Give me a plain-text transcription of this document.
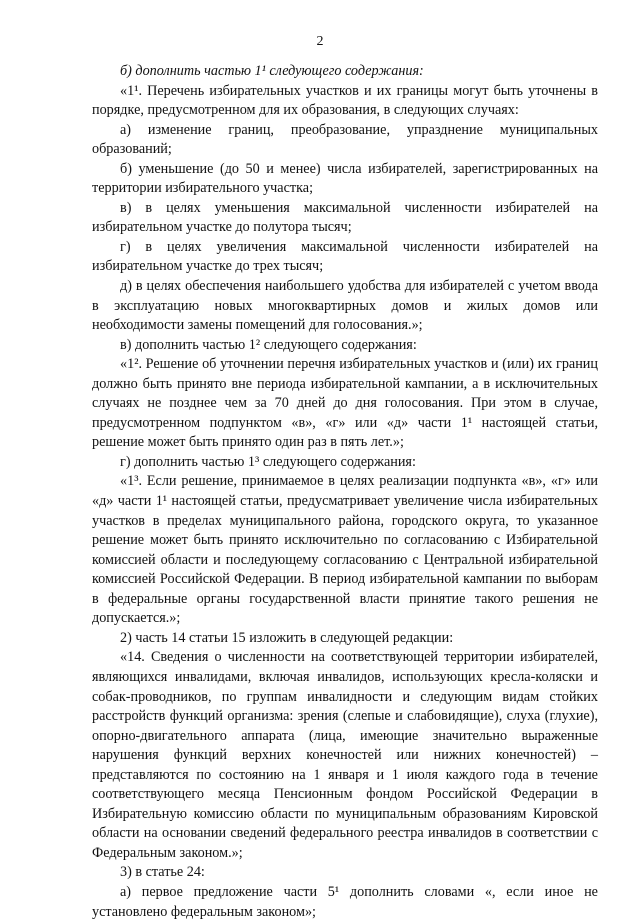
2

б) дополнить частью 1¹ следующего содержания:

«1¹. Перечень избирательных участков и их границы могут быть уточнены в порядке, предусмотренном для их образования, в следующих случаях:

а) изменение границ, преобразование, упразднение муниципальных образований;

б) уменьшение (до 50 и менее) числа избирателей, зарегистрированных на территории избирательного участка;

в) в целях уменьшения максимальной численности избирателей на избирательном участке до полутора тысяч;

г) в целях увеличения максимальной численности избирателей на избирательном участке до трех тысяч;

д) в целях обеспечения наибольшего удобства для избирателей с учетом ввода в эксплуатацию новых многоквартирных домов и жилых домов или необходимости замены помещений для голосования.»;

в) дополнить частью 1² следующего содержания:

«1². Решение об уточнении перечня избирательных участков и (или) их границ должно быть принято вне периода избирательной кампании, а в исключительных случаях не позднее чем за 70 дней до дня голосования. При этом в случае, предусмотренном подпунктом «в», «г» или «д» части 1¹ настоящей статьи, решение может быть принято один раз в пять лет.»;

г) дополнить частью 1³ следующего содержания:

«1³. Если решение, принимаемое в целях реализации подпункта «в», «г» или «д» части 1¹ настоящей статьи, предусматривает увеличение числа избирательных участков в пределах муниципального района, городского округа, то указанное решение может быть принято исключительно по согласованию с Избирательной комиссией области и последующему согласованию с Центральной избирательной комиссией Российской Федерации. В период избирательной кампании по выборам в федеральные органы государственной власти принятие такого решения не допускается.»;

2) часть 14 статьи 15 изложить в следующей редакции:

«14. Сведения о численности на соответствующей территории избирателей, являющихся инвалидами, включая инвалидов, использующих кресла-коляски и собак-проводников, по группам инвалидности и следующим видам стойких расстройств функций организма: зрения (слепые и слабовидящие), слуха (глухие), опорно-двигательного аппарата (лица, имеющие значительно выраженные нарушения функций верхних конечностей или нижних конечностей) – представляются по состоянию на 1 января и 1 июля каждого года в течение соответствующего месяца Пенсионным фондом Российской Федерации в Избирательную комиссию области по муниципальным образованиям Кировской области на основании сведений федерального реестра инвалидов в соответствии с Федеральным законом.»;

3) в статье 24:

а) первое предложение части 5¹ дополнить словами «, если иное не установлено федеральным законом»;
